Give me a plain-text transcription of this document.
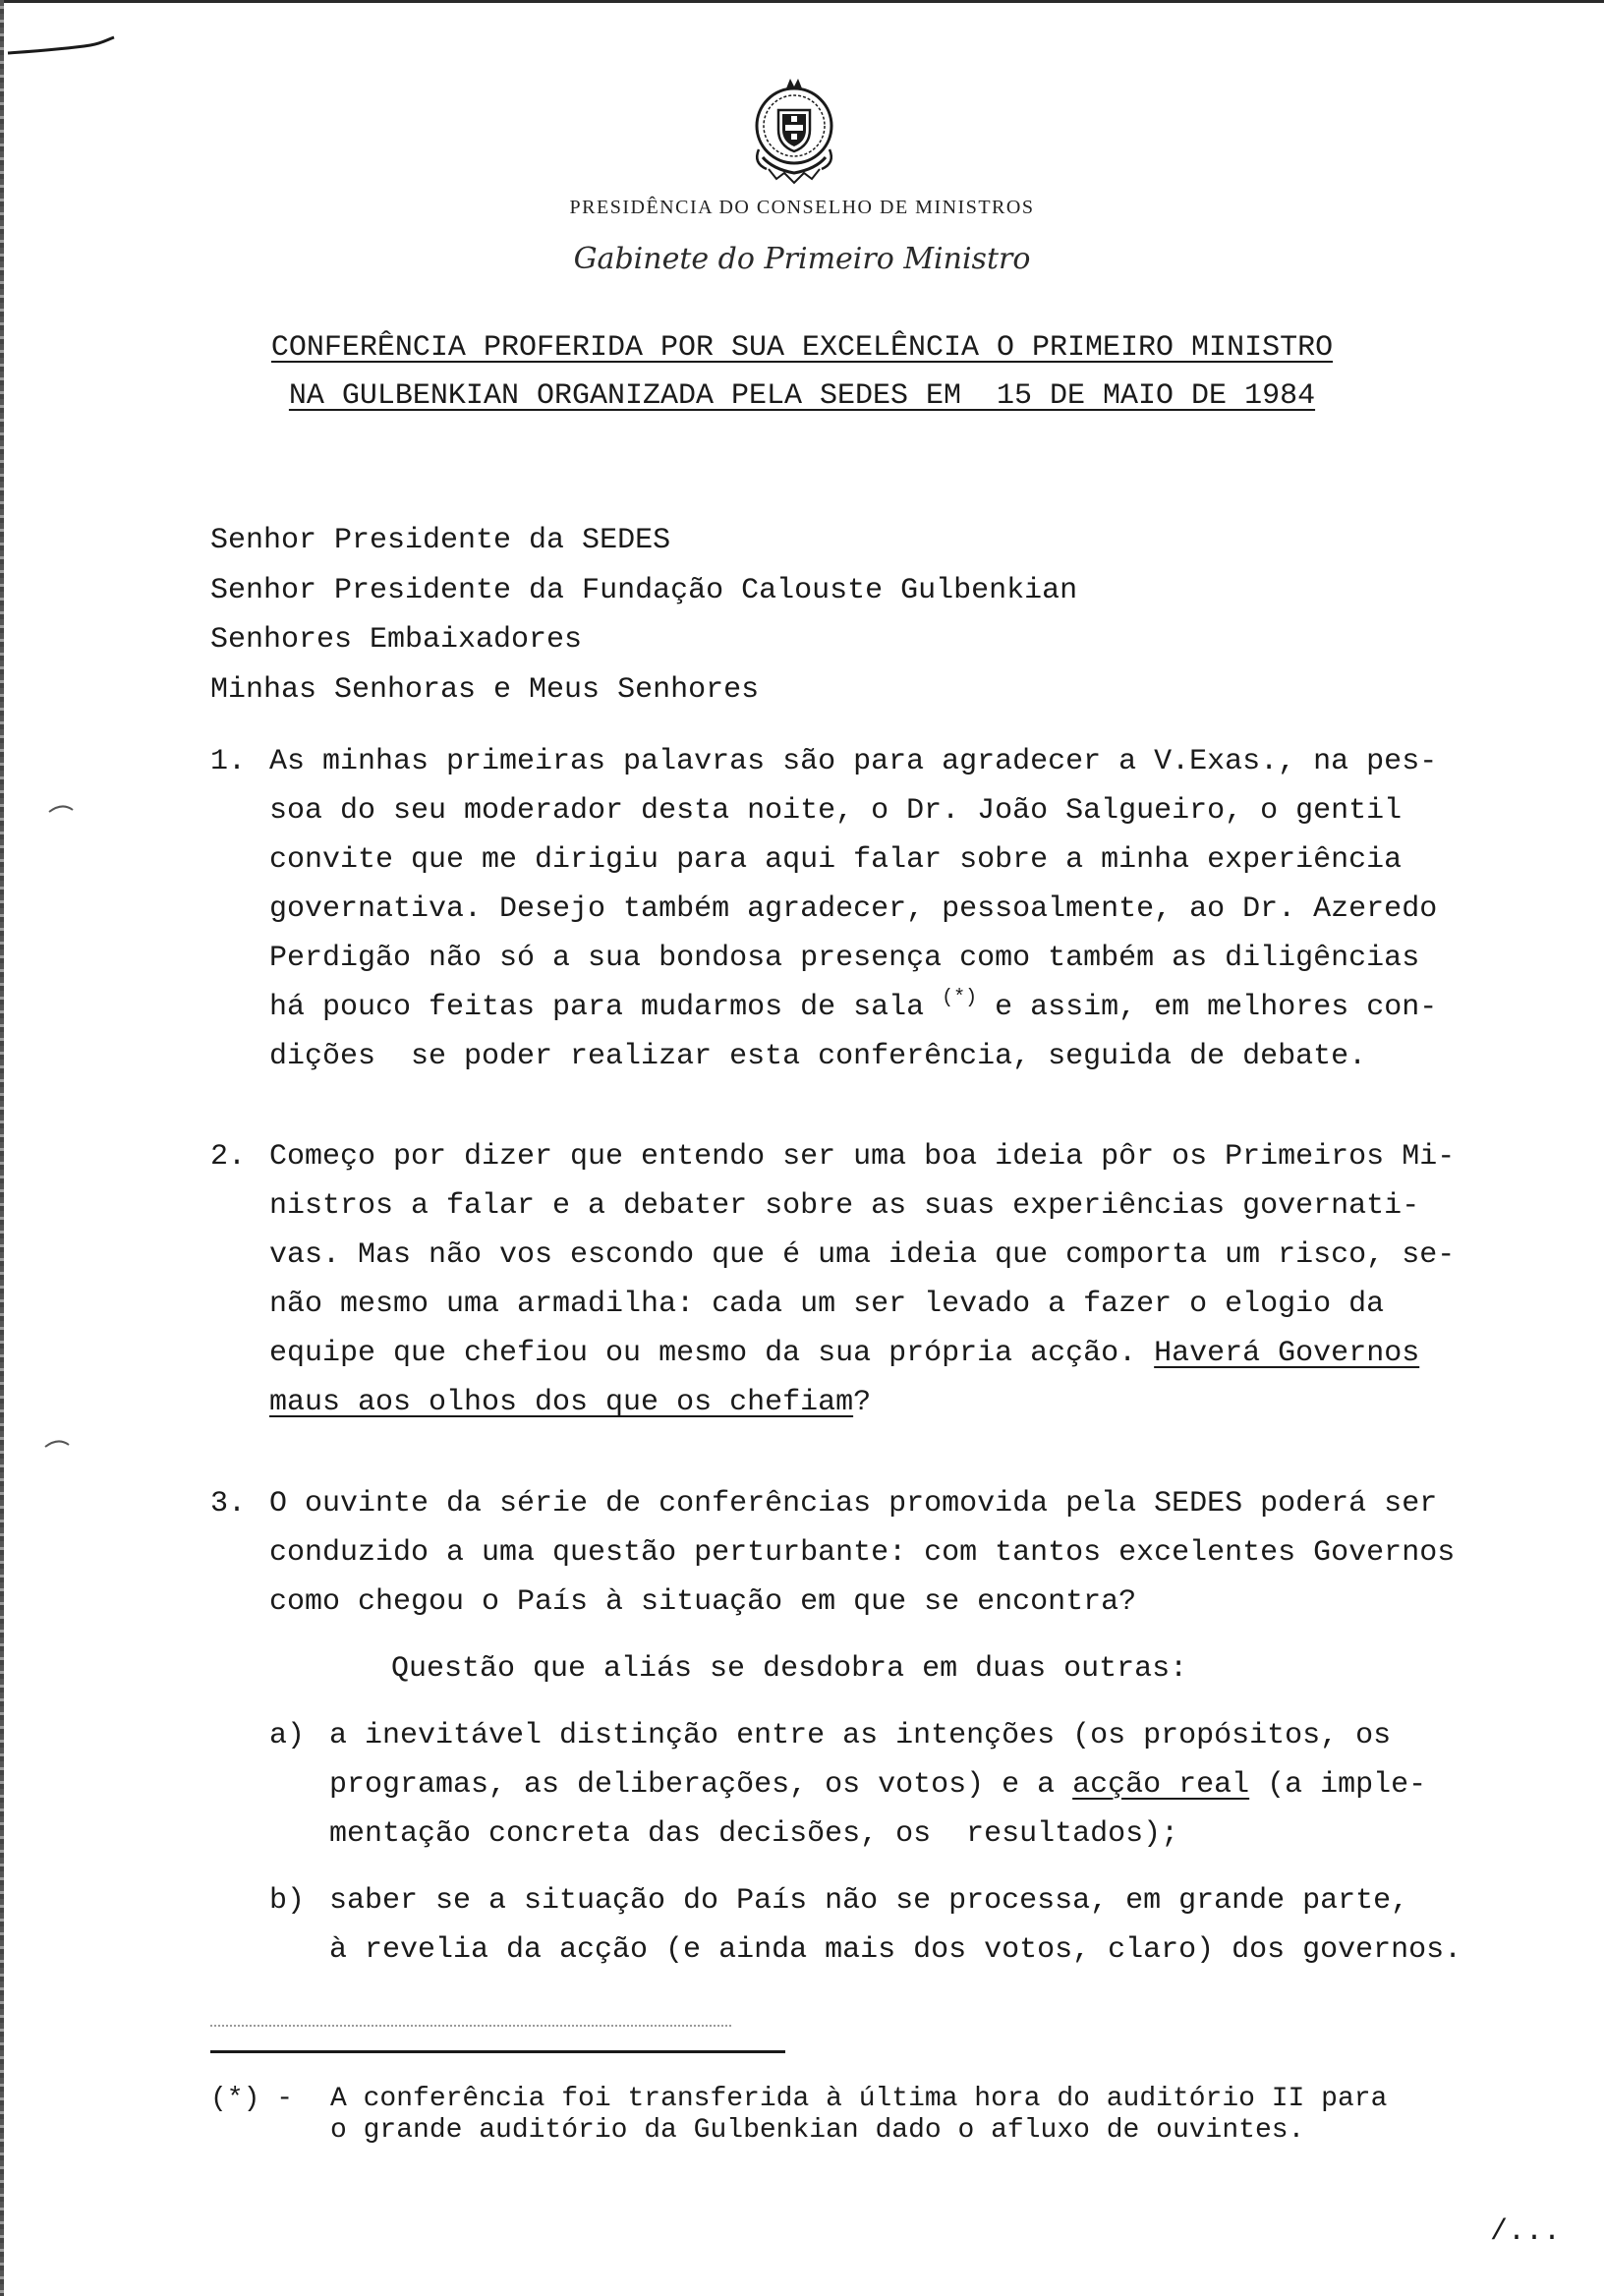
PRESIDÊNCIA DO CONSELHO DE MINISTROS
Gabinete do Primeiro Ministro
CONFERÊNCIA PROFERIDA POR SUA EXCELÊNCIA O PRIMEIRO MINISTRO
NA GULBENKIAN ORGANIZADA PELA SEDES EM  15 DE MAIO DE 1984
Senhor Presidente da SEDES
Senhor Presidente da Fundação Calouste Gulbenkian
Senhores Embaixadores
Minhas Senhoras e Meus Senhores
1. As minhas primeiras palavras são para agradecer a V.Exas., na pes-
soa do seu moderador desta noite, o Dr. João Salgueiro, o gentil
convite que me dirigiu para aqui falar sobre a minha experiência
governativa. Desejo também agradecer, pessoalmente, ao Dr. Azeredo
Perdigão não só a sua bondosa presença como também as diligências
há pouco feitas para mudarmos de sala (*) e assim, em melhores con-
dições  se poder realizar esta conferência, seguida de debate.
2. Começo por dizer que entendo ser uma boa ideia pôr os Primeiros Mi-
nistros a falar e a debater sobre as suas experiências governati-
vas. Mas não vos escondo que é uma ideia que comporta um risco, se-
não mesmo uma armadilha: cada um ser levado a fazer o elogio da
equipe que chefiou ou mesmo da sua própria acção. Haverá Governos
maus aos olhos dos que os chefiam?
3. O ouvinte da série de conferências promovida pela SEDES poderá ser
conduzido a uma questão perturbante: com tantos excelentes Governos
como chegou o País à situação em que se encontra?
Questão que aliás se desdobra em duas outras:
a) a inevitável distinção entre as intenções (os propósitos, os
programas, as deliberações, os votos) e a acção real (a imple-
mentação concreta das decisões, os  resultados);
b) saber se a situação do País não se processa, em grande parte,
à revelia da acção (e ainda mais dos votos, claro) dos governos.
(*) - A conferência foi transferida à última hora do auditório II para
o grande auditório da Gulbenkian dado o afluxo de ouvintes.
/...
